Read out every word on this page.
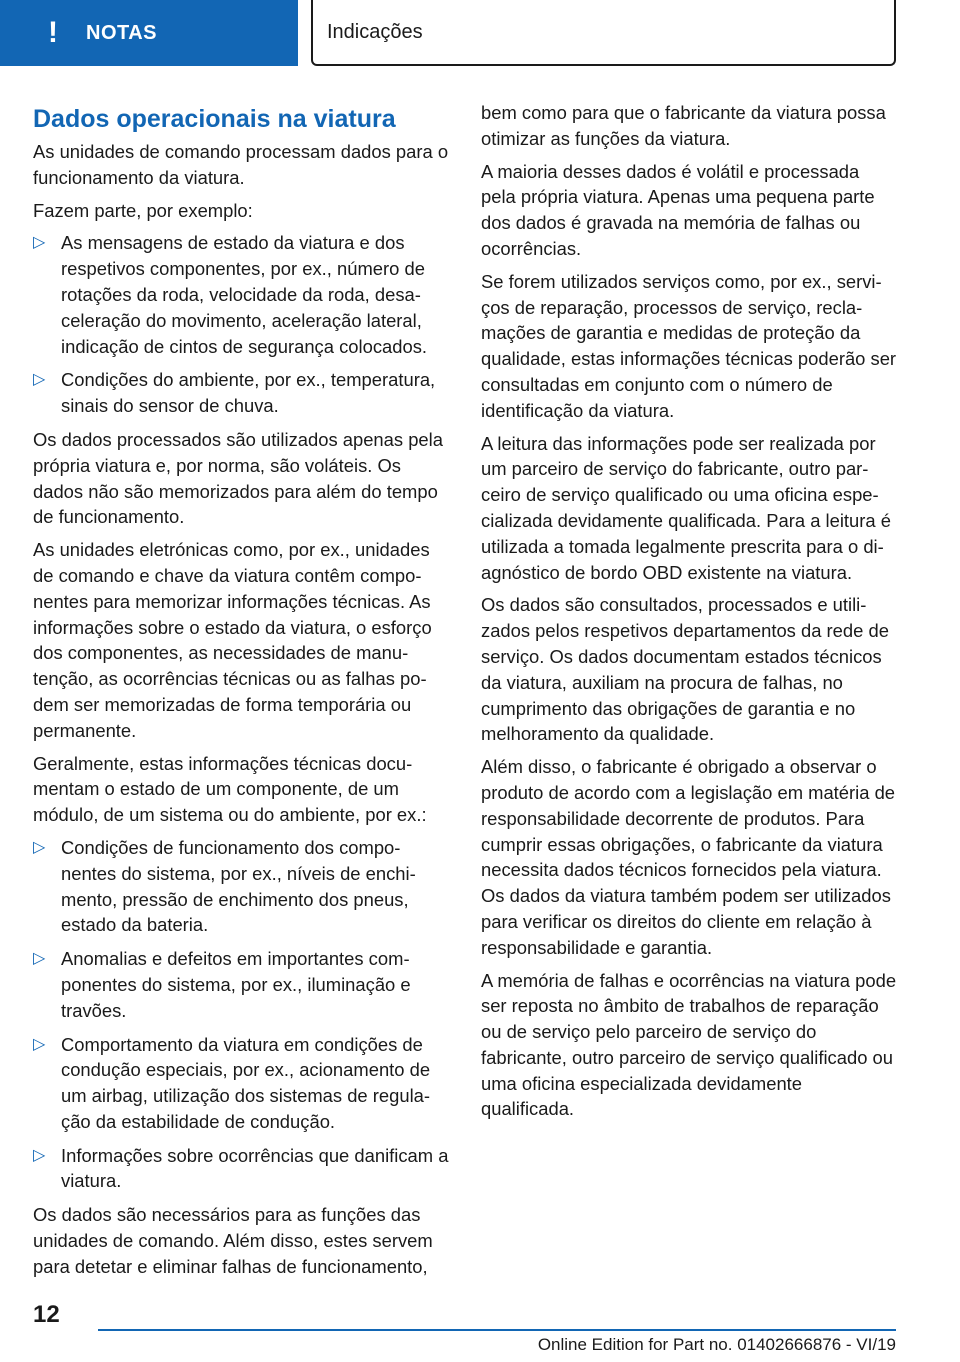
!	NOTAS	Indicações
Dados operacionais na viatura

As unidades de comando processam dados para o funcionamento da viatura.

Fazem parte, por exemplo:

▷ As mensagens de estado da viatura e dos respetivos componentes, por ex., número de rotações da roda, velocidade da roda, desaceleração do movimento, aceleração lateral, indicação de cintos de segurança colocados.
▷ Condições do ambiente, por ex., temperatura, sinais do sensor de chuva.

Os dados processados são utilizados apenas pela própria viatura e, por norma, são voláteis. Os dados não são memorizados para além do tempo de funcionamento.

As unidades eletrónicas como, por ex., unidades de comando e chave da viatura contêm componentes para memorizar informações técnicas. As informações sobre o estado da viatura, o esforço dos componentes, as necessidades de manutenção, as ocorrências técnicas ou as falhas podem ser memorizadas de forma temporária ou permanente.

Geralmente, estas informações técnicas documentam o estado de um componente, de um módulo, de um sistema ou do ambiente, por ex.:

▷ Condições de funcionamento dos componentes do sistema, por ex., níveis de enchimento, pressão de enchimento dos pneus, estado da bateria.
▷ Anomalias e defeitos em importantes componentes do sistema, por ex., iluminação e travões.
▷ Comportamento da viatura em condições de condução especiais, por ex., acionamento de um airbag, utilização dos sistemas de regulação da estabilidade de condução.
▷ Informações sobre ocorrências que danificam a viatura.

Os dados são necessários para as funções das unidades de comando. Além disso, estes servem para detetar e eliminar falhas de funcionamento,

bem como para que o fabricante da viatura possa otimizar as funções da viatura.

A maioria desses dados é volátil e processada pela própria viatura. Apenas uma pequena parte dos dados é gravada na memória de falhas ou ocorrências.

Se forem utilizados serviços como, por ex., serviços de reparação, processos de serviço, reclamações de garantia e medidas de proteção da qualidade, estas informações técnicas poderão ser consultadas em conjunto com o número de identificação da viatura.

A leitura das informações pode ser realizada por um parceiro de serviço do fabricante, outro parceiro de serviço qualificado ou uma oficina especializada devidamente qualificada. Para a leitura é utilizada a tomada legalmente prescrita para o diagnóstico de bordo OBD existente na viatura.

Os dados são consultados, processados e utilizados pelos respetivos departamentos da rede de serviço. Os dados documentam estados técnicos da viatura, auxiliam na procura de falhas, no cumprimento das obrigações de garantia e no melhoramento da qualidade.

Além disso, o fabricante é obrigado a observar o produto de acordo com a legislação em matéria de responsabilidade decorrente de produtos. Para cumprir essas obrigações, o fabricante da viatura necessita dados técnicos fornecidos pela viatura. Os dados da viatura também podem ser utilizados para verificar os direitos do cliente em relação à responsabilidade e garantia.

A memória de falhas e ocorrências na viatura pode ser reposta no âmbito de trabalhos de reparação ou de serviço pelo parceiro de serviço do fabricante, outro parceiro de serviço qualificado ou uma oficina especializada devidamente qualificada.

12
Online Edition for Part no. 01402666876 - VI/19
